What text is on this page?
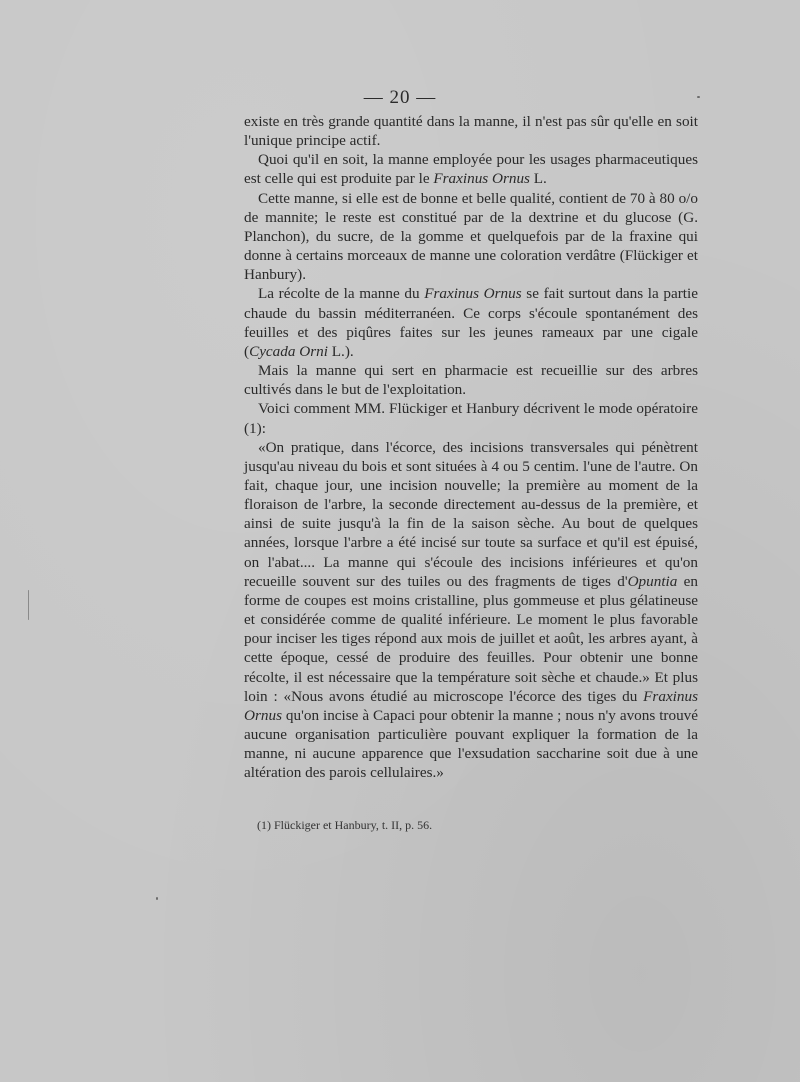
— 20 —

existe en très grande quantité dans la manne, il n'est pas sûr qu'elle en soit l'unique principe actif.

Quoi qu'il en soit, la manne employée pour les usages pharmaceutiques est celle qui est produite par le Fraxinus Ornus L.

Cette manne, si elle est de bonne et belle qualité, contient de 70 à 80 o/o de mannite; le reste est constitué par de la dextrine et du glucose (G. Planchon), du sucre, de la gomme et quelquefois par de la fraxine qui donne à certains morceaux de manne une coloration verdâtre (Flückiger et Hanbury).

La récolte de la manne du Fraxinus Ornus se fait surtout dans la partie chaude du bassin méditerranéen. Ce corps s'écoule spontanément des feuilles et des piqûres faites sur les jeunes rameaux par une cigale (Cycada Orni L.).

Mais la manne qui sert en pharmacie est recueillie sur des arbres cultivés dans le but de l'exploitation.

Voici comment MM. Flückiger et Hanbury décrivent le mode opératoire (1):

«On pratique, dans l'écorce, des incisions transversales qui pénètrent jusqu'au niveau du bois et sont situées à 4 ou 5 centim. l'une de l'autre. On fait, chaque jour, une incision nouvelle; la première au moment de la floraison de l'arbre, la seconde directement au-dessus de la première, et ainsi de suite jusqu'à la fin de la saison sèche. Au bout de quelques années, lorsque l'arbre a été incisé sur toute sa surface et qu'il est épuisé, on l'abat.... La manne qui s'écoule des incisions inférieures et qu'on recueille souvent sur des tuiles ou des fragments de tiges d'Opuntia en forme de coupes est moins cristalline, plus gommeuse et plus gélatineuse et considérée comme de qualité inférieure. Le moment le plus favorable pour inciser les tiges répond aux mois de juillet et août, les arbres ayant, à cette époque, cessé de produire des feuilles. Pour obtenir une bonne récolte, il est nécessaire que la température soit sèche et chaude.» Et plus loin : «Nous avons étudié au microscope l'écorce des tiges du Fraxinus Ornus qu'on incise à Capaci pour obtenir la manne ; nous n'y avons trouvé aucune organisation particulière pouvant expliquer la formation de la manne, ni aucune apparence que l'exsudation saccharine soit due à une altération des parois cellulaires.»

(1) Flückiger et Hanbury, t. II, p. 56.
